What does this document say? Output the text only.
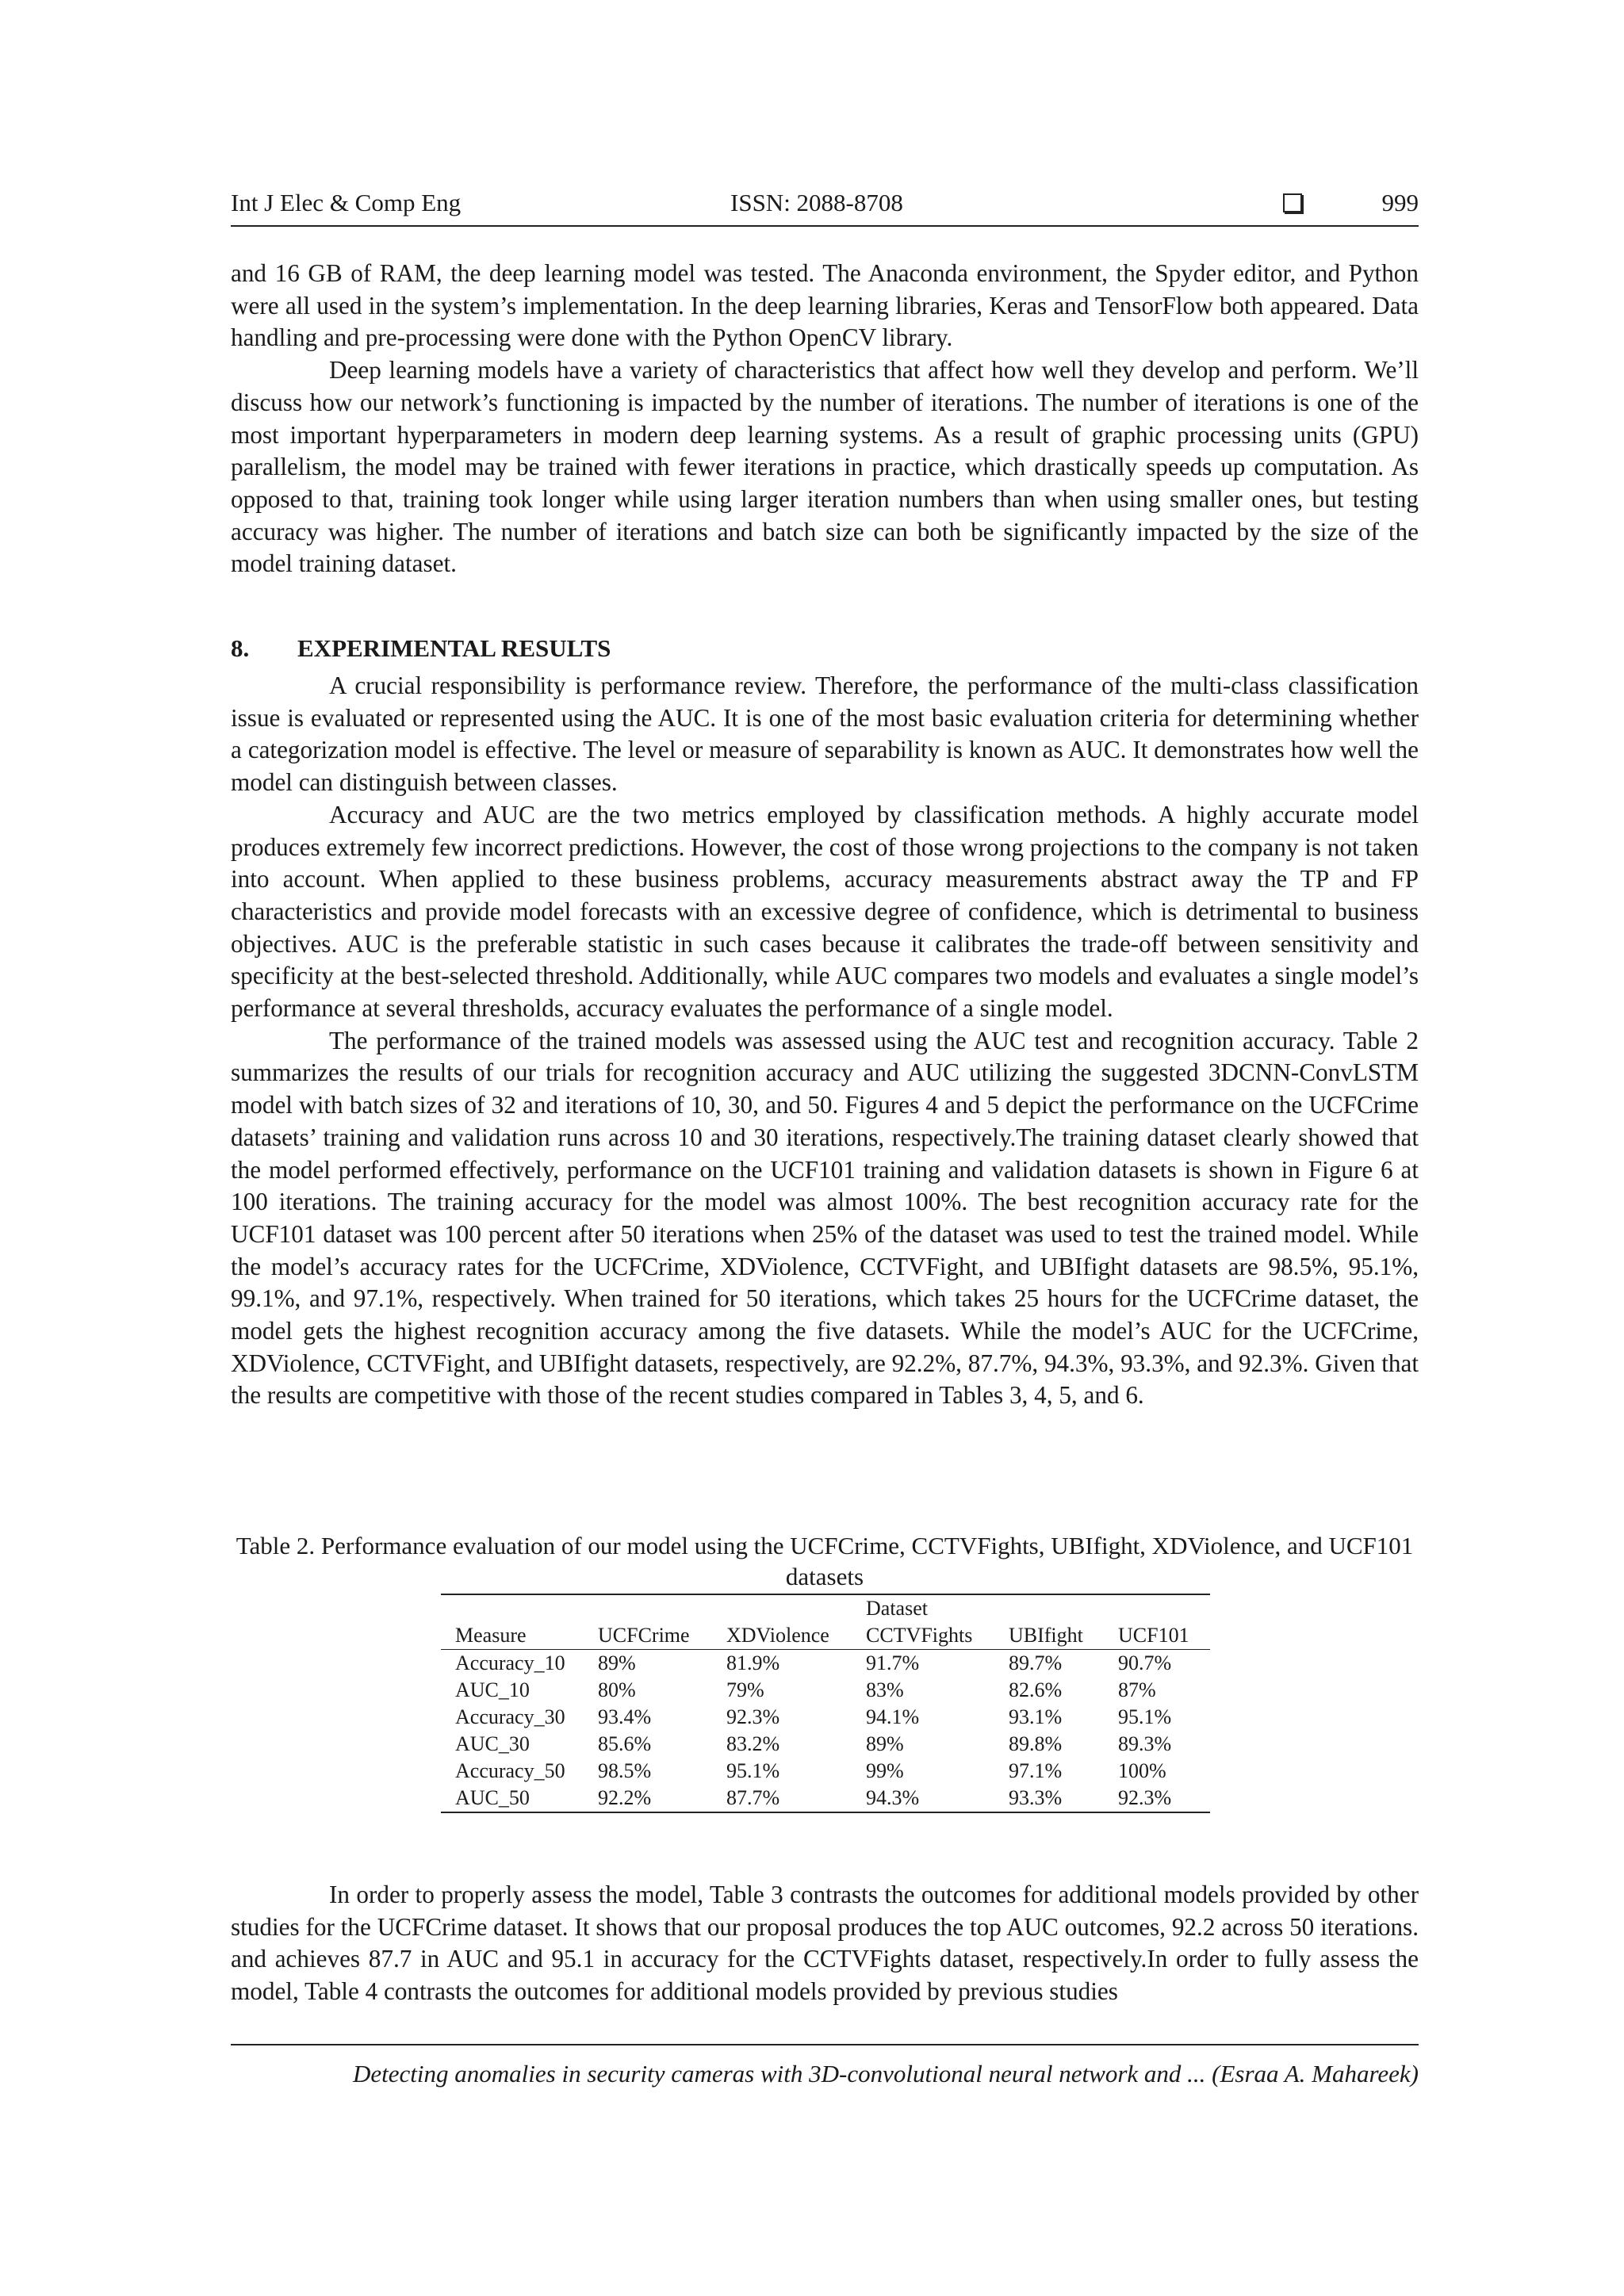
Int J Elec & Comp Eng	ISSN: 2088-8708	999

and 16 GB of RAM, the deep learning model was tested. The Anaconda environment, the Spyder editor, and Python were all used in the system’s implementation. In the deep learning libraries, Keras and TensorFlow both appeared. Data handling and pre-processing were done with the Python OpenCV library.

Deep learning models have a variety of characteristics that affect how well they develop and perform. We’ll discuss how our network’s functioning is impacted by the number of iterations. The number of iterations is one of the most important hyperparameters in modern deep learning systems. As a result of graphic processing units (GPU) parallelism, the model may be trained with fewer iterations in practice, which drastically speeds up computation. As opposed to that, training took longer while using larger iteration numbers than when using smaller ones, but testing accuracy was higher. The number of iterations and batch size can both be significantly impacted by the size of the model training dataset.

8. EXPERIMENTAL RESULTS

A crucial responsibility is performance review. Therefore, the performance of the multi-class classification issue is evaluated or represented using the AUC. It is one of the most basic evaluation criteria for determining whether a categorization model is effective. The level or measure of separability is known as AUC. It demonstrates how well the model can distinguish between classes.

Accuracy and AUC are the two metrics employed by classification methods. A highly accurate model produces extremely few incorrect predictions. However, the cost of those wrong projections to the company is not taken into account. When applied to these business problems, accuracy measurements abstract away the TP and FP characteristics and provide model forecasts with an excessive degree of confidence, which is detrimental to business objectives. AUC is the preferable statistic in such cases because it calibrates the trade-off between sensitivity and specificity at the best-selected threshold. Additionally, while AUC compares two models and evaluates a single model’s performance at several thresholds, accuracy evaluates the performance of a single model.

The performance of the trained models was assessed using the AUC test and recognition accuracy. Table 2 summarizes the results of our trials for recognition accuracy and AUC utilizing the suggested 3DCNN-ConvLSTM model with batch sizes of 32 and iterations of 10, 30, and 50. Figures 4 and 5 depict the performance on the UCFCrime datasets’ training and validation runs across 10 and 30 iterations, respectively.The training dataset clearly showed that the model performed effectively, performance on the UCF101 training and validation datasets is shown in Figure 6 at 100 iterations. The training accuracy for the model was almost 100%. The best recognition accuracy rate for the UCF101 dataset was 100 percent after 50 iterations when 25% of the dataset was used to test the trained model. While the model’s accuracy rates for the UCFCrime, XDViolence, CCTVFight, and UBIfight datasets are 98.5%, 95.1%, 99.1%, and 97.1%, respectively. When trained for 50 iterations, which takes 25 hours for the UCFCrime dataset, the model gets the highest recognition accuracy among the five datasets. While the model’s AUC for the UCFCrime, XDViolence, CCTVFight, and UBIfight datasets, respectively, are 92.2%, 87.7%, 94.3%, 93.3%, and 92.3%. Given that the results are competitive with those of the recent studies compared in Tables 3, 4, 5, and 6.

Table 2. Performance evaluation of our model using the UCFCrime, CCTVFights, UBIfight, XDViolence, and UCF101 datasets
Dataset
Measure	UCFCrime XDViolence CCTVFights UBIfight UCF101
Accuracy_10 89%	81.9%	91.7%	89.7%	90.7%
AUC_10	80%	79%	83%	82.6%	87%
Accuracy_30 93.4%	92.3%	94.1%	93.1%	95.1%
AUC_30	85.6%	83.2%	89%	89.8%	89.3%
Accuracy_50 98.5%	95.1%	99%	97.1%	100%
AUC_50	92.2%	87.7%	94.3%	93.3%	92.3%

In order to properly assess the model, Table 3 contrasts the outcomes for additional models provided by other studies for the UCFCrime dataset. It shows that our proposal produces the top AUC outcomes, 92.2 across 50 iterations. and achieves 87.7 in AUC and 95.1 in accuracy for the CCTVFights dataset, respectively.In order to fully assess the model, Table 4 contrasts the outcomes for additional models provided by previous studies

Detecting anomalies in security cameras with 3D-convolutional neural network and ... (Esraa A. Mahareek)
